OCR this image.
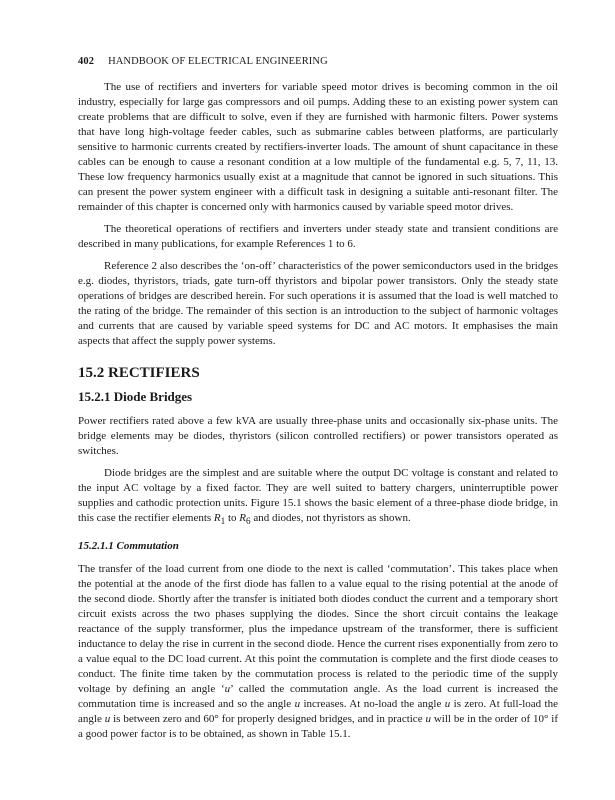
402 HANDBOOK OF ELECTRICAL ENGINEERING

The use of rectifiers and inverters for variable speed motor drives is becoming common in the oil industry, especially for large gas compressors and oil pumps. Adding these to an existing power system can create problems that are difficult to solve, even if they are furnished with harmonic filters. Power systems that have long high-voltage feeder cables, such as submarine cables between platforms, are particularly sensitive to harmonic currents created by rectifiers-inverter loads. The amount of shunt capacitance in these cables can be enough to cause a resonant condition at a low multiple of the fundamental e.g. 5, 7, 11, 13. These low frequency harmonics usually exist at a magnitude that cannot be ignored in such situations. This can present the power system engineer with a difficult task in designing a suitable anti-resonant filter. The remainder of this chapter is concerned only with harmonics caused by variable speed motor drives.

The theoretical operations of rectifiers and inverters under steady state and transient conditions are described in many publications, for example References 1 to 6.

Reference 2 also describes the ‘on-off’ characteristics of the power semiconductors used in the bridges e.g. diodes, thyristors, triads, gate turn-off thyristors and bipolar power transistors. Only the steady state operations of bridges are described herein. For such operations it is assumed that the load is well matched to the rating of the bridge. The remainder of this section is an introduction to the subject of harmonic voltages and currents that are caused by variable speed systems for DC and AC motors. It emphasises the main aspects that affect the supply power systems.

15.2 RECTIFIERS
15.2.1 Diode Bridges

Power rectifiers rated above a few kVA are usually three-phase units and occasionally six-phase units. The bridge elements may be diodes, thyristors (silicon controlled rectifiers) or power transistors operated as switches.

Diode bridges are the simplest and are suitable where the output DC voltage is constant and related to the input AC voltage by a fixed factor. They are well suited to battery chargers, uninterruptible power supplies and cathodic protection units. Figure 15.1 shows the basic element of a three-phase diode bridge, in this case the rectifier elements $R_1$ to $R_6$ and diodes, not thyristors as shown.

15.2.1.1 Commutation

The transfer of the load current from one diode to the next is called ‘commutation’. This takes place when the potential at the anode of the first diode has fallen to a value equal to the rising potential at the anode of the second diode. Shortly after the transfer is initiated both diodes conduct the current and a temporary short circuit exists across the two phases supplying the diodes. Since the short circuit contains the leakage reactance of the supply transformer, plus the impedance upstream of the transformer, there is sufficient inductance to delay the rise in current in the second diode. Hence the current rises exponentially from zero to a value equal to the DC load current. At this point the commutation is complete and the first diode ceases to conduct. The finite time taken by the commutation process is related to the periodic time of the supply voltage by defining an angle ‘u’ called the commutation angle. As the load current is increased the commutation time is increased and so the angle u increases. At no-load the angle u is zero. At full-load the angle u is between zero and 60° for properly designed bridges, and in practice u will be in the order of 10° if a good power factor is to be obtained, as shown in Table 15.1.
